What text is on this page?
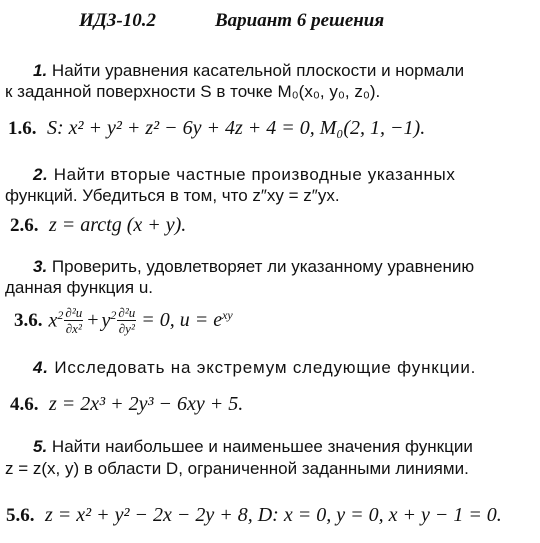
ИДЗ-10.2	Вариант 6 решения
1. Найти уравнения касательной плоскости и нормали
к заданной поверхности S в точке M₀(x₀, y₀, z₀).
1.6. S: x² + y² + z² − 6y + 4z + 4 = 0, M₀(2, 1, −1).
2. Найти вторые частные производные указанных
функций. Убедиться в том, что z″xy = z″yx.
2.6. z = arctg (x + y).
3. Проверить, удовлетворяет ли указанному уравнению
данная функция u.
3.6. $x^2 \frac{\text{∂²u}}{\text{∂x²}} + y^2 \frac{\text{∂²u}}{\text{∂y²}} = 0$, $u = e^{xy}$
4. Исследовать на экстремум следующие функции.
4.6. z = 2x³ + 2y³ − 6xy + 5.
5. Найти наибольшее и наименьшее значения функции
z = z(x, y) в области D, ограниченной заданными линиями.
5.6. z = x² + y² − 2x − 2y + 8, D: x = 0, y = 0, x + y − 1 = 0.
